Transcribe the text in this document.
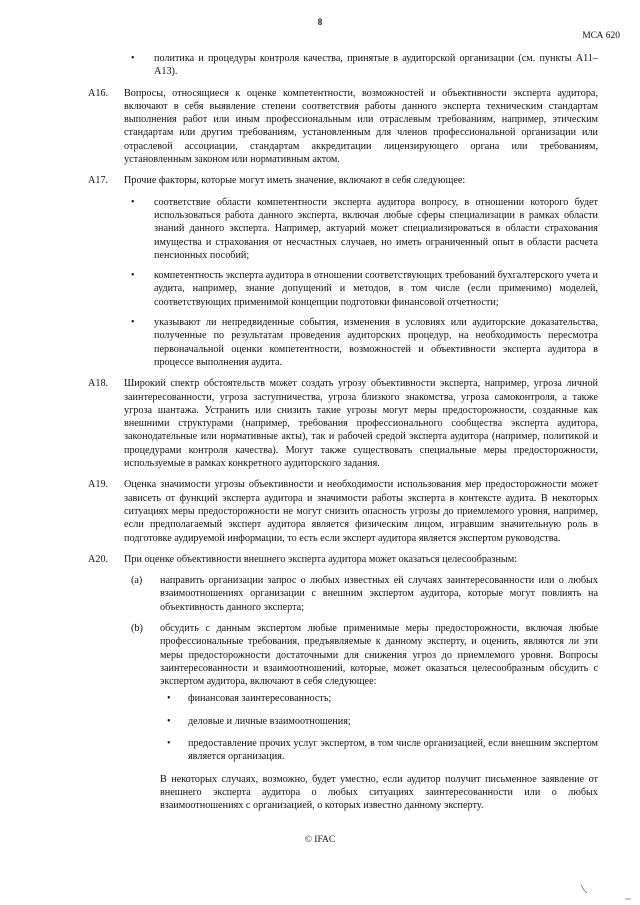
8
МСА 620
• политика и процедуры контроля качества, принятые в аудиторской организации (см. пункты A11–A13).
A16.	Вопросы, относящиеся к оценке компетентности, возможностей и объективности эксперта аудитора, включают в себя выявление степени соответствия работы данного эксперта техническим стандартам выполнения работ или иным профессиональным или отраслевым требованиям, например, этическим стандартам или другим требованиям, установленным для членов профессиональной организации или отраслевой ассоциации, стандартам аккредитации лицензирующего органа или требованиям, установленным законом или нормативным актом.
A17.	Прочие факторы, которые могут иметь значение, включают в себя следующее:
• соответствие области компетентности эксперта аудитора вопросу, в отношении которого будет использоваться работа данного эксперта, включая любые сферы специализации в рамках области знаний данного эксперта. Например, актуарий может специализироваться в области страхования имущества и страхования от несчастных случаев, но иметь ограниченный опыт в области расчета пенсионных пособий;
• компетентность эксперта аудитора в отношении соответствующих требований бухгалтерского учета и аудита, например, знание допущений и методов, в том числе (если применимо) моделей, соответствующих применимой концепции подготовки финансовой отчетности;
• указывают ли непредвиденные события, изменения в условиях или аудиторские доказательства, полученные по результатам проведения аудиторских процедур, на необходимость пересмотра первоначальной оценки компетентности, возможностей и объективности эксперта аудитора в процессе выполнения аудита.
A18.	Широкий спектр обстоятельств может создать угрозу объективности эксперта, например, угроза личной заинтересованности, угроза заступничества, угроза близкого знакомства, угроза самоконтроля, а также угроза шантажа. Устранить или снизить такие угрозы могут меры предосторожности, созданные как внешними структурами (например, требования профессионального сообщества эксперта аудитора, законодательные или нормативные акты), так и рабочей средой эксперта аудитора (например, политикой и процедурами контроля качества). Могут также существовать специальные меры предосторожности, используемые в рамках конкретного аудиторского задания.
A19.	Оценка значимости угрозы объективности и необходимости использования мер предосторожности может зависеть от функций эксперта аудитора и значимости работы эксперта в контексте аудита. В некоторых ситуациях меры предосторожности не могут снизить опасность угрозы до приемлемого уровня, например, если предполагаемый эксперт аудитора является физическим лицом, игравшим значительную роль в подготовке аудируемой информации, то есть если эксперт аудитора является экспертом руководства.
A20.	При оценке объективности внешнего эксперта аудитора может оказаться целесообразным:
(a) направить организации запрос о любых известных ей случаях заинтересованности или о любых взаимоотношениях организации с внешним экспертом аудитора, которые могут повлиять на объективность данного эксперта;
(b) обсудить с данным экспертом любые применимые меры предосторожности, включая любые профессиональные требования, предъявляемые к данному эксперту, и оценить, являются ли эти меры предосторожности достаточными для снижения угроз до приемлемого уровня. Вопросы заинтересованности и взаимоотношений, которые, может оказаться целесообразным обсудить с экспертом аудитора, включают в себя следующее:
• финансовая заинтересованность;
• деловые и личные взаимоотношения;
• предоставление прочих услуг экспертом, в том числе организацией, если внешним экспертом является организация.
В некоторых случаях, возможно, будет уместно, если аудитор получит письменное заявление от внешнего эксперта аудитора о любых ситуациях заинтересованности или о любых взаимоотношениях с организацией, о которых известно данному эксперту.
© IFAC
